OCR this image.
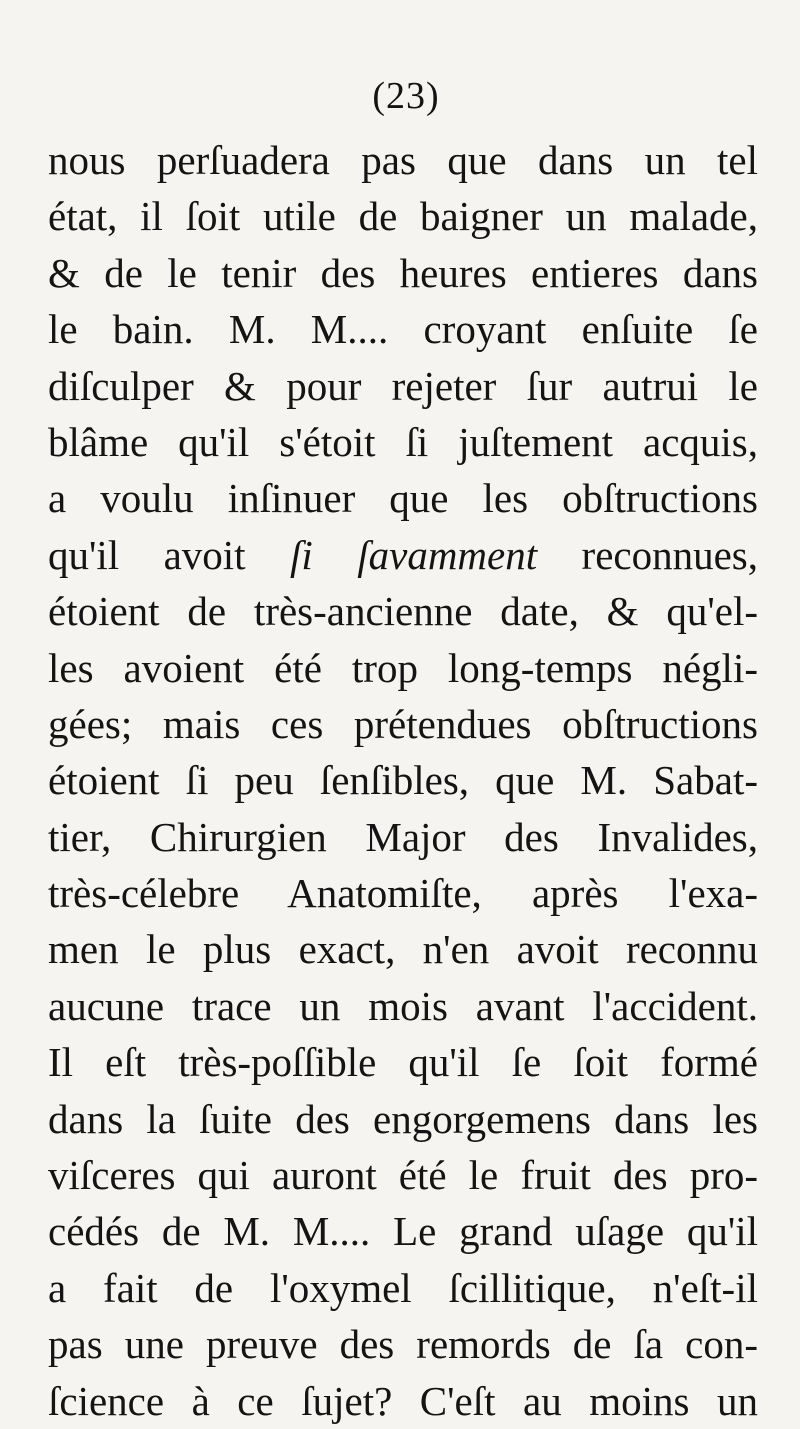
(23)
nous perſuadera pas que dans un tel
état, il ſoit utile de baigner un malade,
& de le tenir des heures entieres dans
le bain. M. M.... croyant enſuite ſe
diſculper & pour rejeter ſur autrui le
blâme qu'il s'étoit ſi juſtement acquis,
a voulu inſinuer que les obſtructions
qu'il avoit ſi ſavamment reconnues,
étoient de très-ancienne date, & qu'el-
les avoient été trop long-temps négli-
gées; mais ces prétendues obſtructions
étoient ſi peu ſenſibles, que M. Sabat-
tier, Chirurgien Major des Invalides,
très-célebre Anatomiſte, après l'exa-
men le plus exact, n'en avoit reconnu
aucune trace un mois avant l'accident.
Il eſt très-poſſible qu'il ſe ſoit formé
dans la ſuite des engorgemens dans les
viſceres qui auront été le fruit des pro-
cédés de M. M.... Le grand uſage qu'il
a fait de l'oxymel ſcillitique, n'eſt-il
pas une preuve des remords de ſa con-
ſcience à ce ſujet? C'eſt au moins un
